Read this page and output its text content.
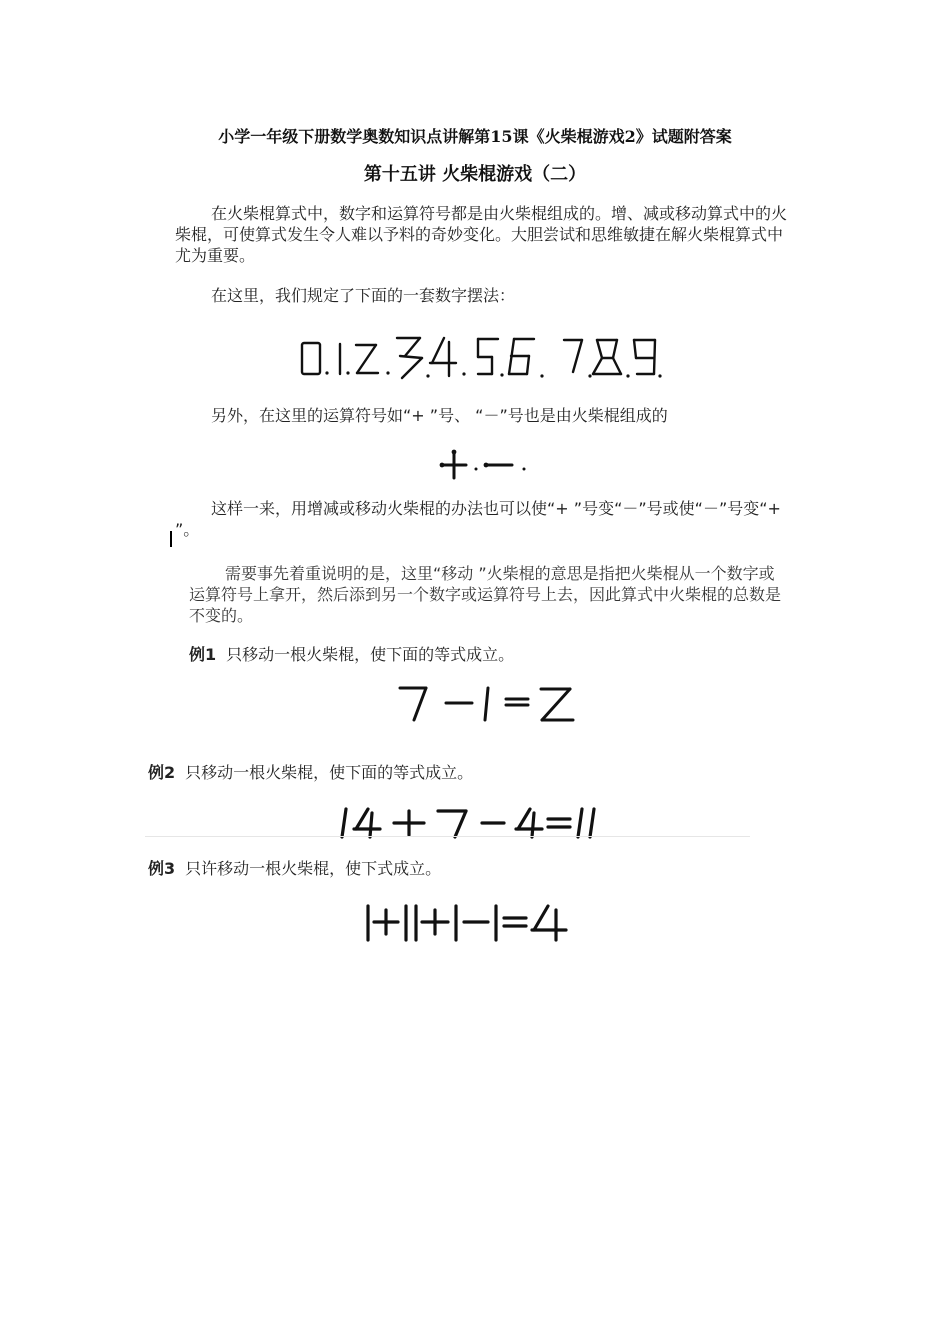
小学一年级下册数学奥数知识点讲解第15课《火柴棍游戏2》试题附答案
第十五讲 火柴棍游戏（二）
在火柴棍算式中，数字和运算符号都是由火柴棍组成的。增、减或移动算式中的火柴棍，可使算式发生令人难以予料的奇妙变化。大胆尝试和思维敏捷在解火柴棍算式中尤为重要。
在这里，我们规定了下面的一套数字摆法：
另外，在这里的运算符号如“+ ”号、 “－”号也是由火柴棍组成的
这样一来，用增减或移动火柴棍的办法也可以使“+ ”号变“－”号或使“－”号变“+ ”。
需要事先着重说明的是，这里“移动 ”火柴棍的意思是指把火柴棍从一个数字或运算符号上拿开，然后添到另一个数字或运算符号上去，因此算式中火柴棍的总数是不变的。
例1 只移动一根火柴棍，使下面的等式成立。
例2 只移动一根火柴棍，使下面的等式成立。
例3 只许移动一根火柴棍，使下式成立。
